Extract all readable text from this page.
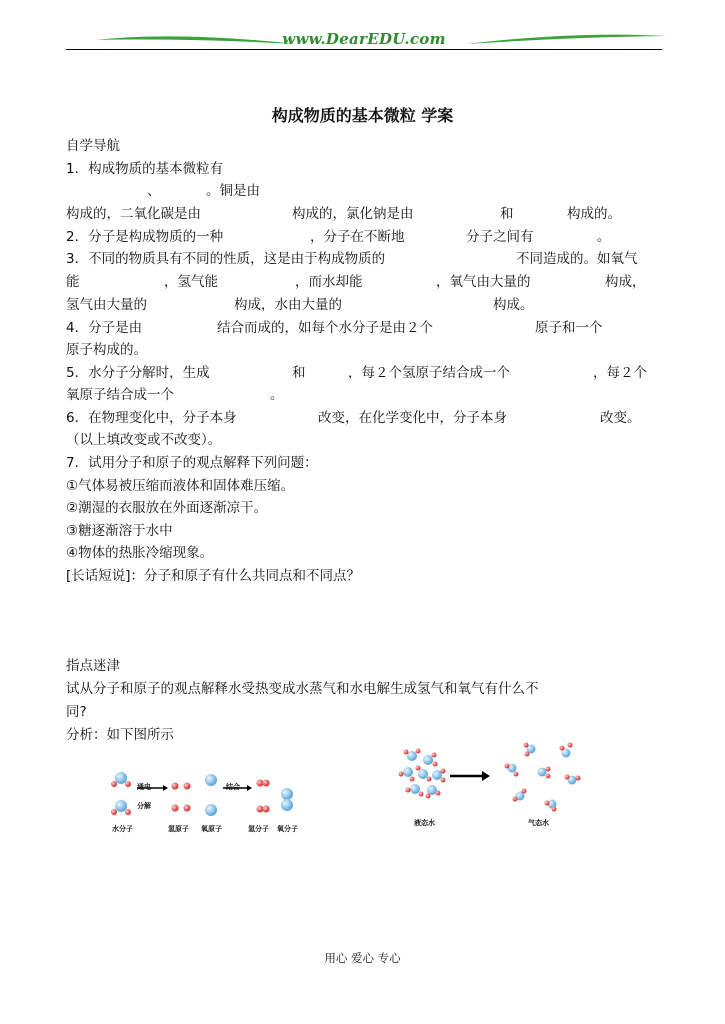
www.DearEDU.com
构成物质的基本微粒 学案
自学导航
1．构成物质的基本微粒有
、	。铜是由
构成的，二氧化碳是由	构成的，氯化钠是由	和	构成的。
2．分子是构成物质的一种	，分子在不断地	分子之间有	。
3．不同的物质具有不同的性质，这是由于构成物质的	不同造成的。如氧气
能	，氢气能	，而水却能	，氧气由大量的	构成，
氢气由大量的	构成，水由大量的	构成。
4．分子是由	结合而成的，如每个水分子是由２个	原子和一个
原子构成的。
5．水分子分解时，生成	和	，每２个氢原子结合成一个	，每２个
氧原子结合成一个	。
6．在物理变化中，分子本身	改变，在化学变化中，分子本身	改变。
（以上填改变或不改变）。
7．试用分子和原子的观点解释下列问题：
①气体易被压缩而液体和固体难压缩。
②潮湿的衣服放在外面逐渐凉干。
③糖逐渐溶于水中
④物体的热胀冷缩现象。
[长话短说]：分子和原子有什么共同点和不同点？
指点迷津
试从分子和原子的观点解释水受热变成水蒸气和水电解生成氢气和氧气有什么不
同?
分析：如下图所示
通电
分解
结合
水分子	氢原子 氧原子	氢分子 氧分子
液态水	气态水
用心 爱心 专心
